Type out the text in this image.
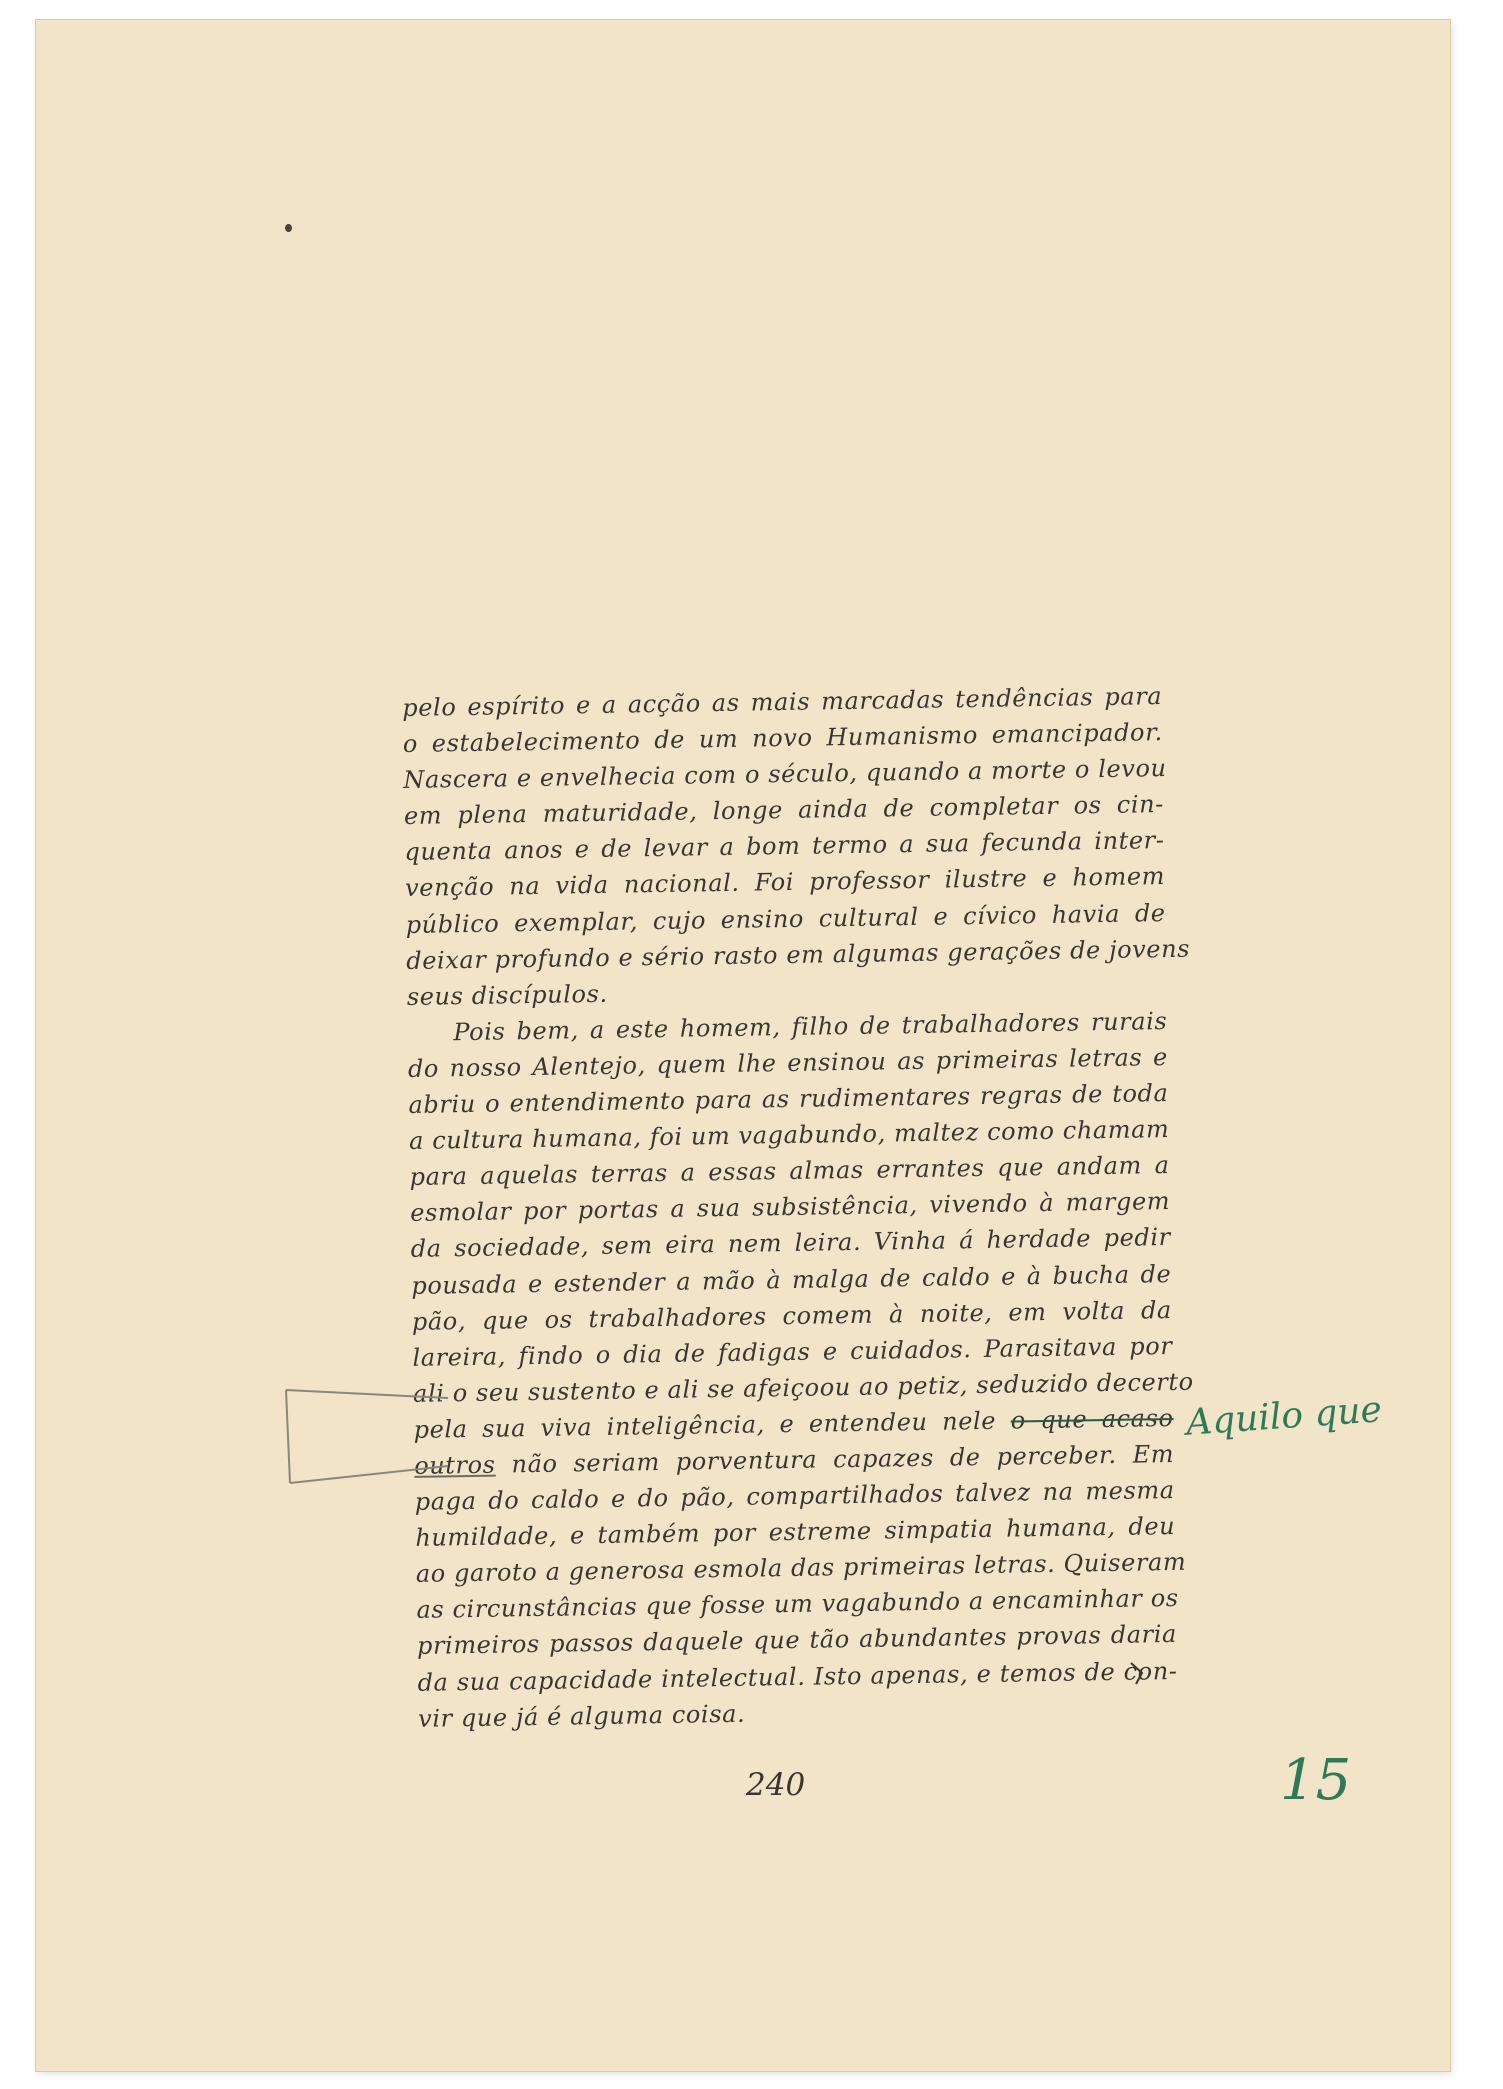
pelo espírito e a acção as mais marcadas tendências para
o estabelecimento de um novo Humanismo emancipador.
Nascera e envelhecia com o século, quando a morte o levou
em plena maturidade, longe ainda de completar os cin-
quenta anos e de levar a bom termo a sua fecunda inter-
venção na vida nacional. Foi professor ilustre e homem
público exemplar, cujo ensino cultural e cívico havia de
deixar profundo e sério rasto em algumas gerações de jovens
seus discípulos.
Pois bem, a este homem, filho de trabalhadores rurais
do nosso Alentejo, quem lhe ensinou as primeiras letras e
abriu o entendimento para as rudimentares regras de toda
a cultura humana, foi um vagabundo, maltez como chamam
para aquelas terras a essas almas errantes que andam a
esmolar por portas a sua subsistência, vivendo à margem
da sociedade, sem eira nem leira. Vinha á herdade pedir
pousada e estender a mão à malga de caldo e à bucha de
pão, que os trabalhadores comem à noite, em volta da
lareira, findo o dia de fadigas e cuidados. Parasitava por
ali o seu sustento e ali se afeiçoou ao petiz, seduzido decerto
pela sua viva inteligência, e entendeu nele o que acaso
outros não seriam porventura capazes de perceber. Em
paga do caldo e do pão, compartilhados talvez na mesma
humildade, e também por estreme simpatia humana, deu
ao garoto a generosa esmola das primeiras letras. Quiseram
as circunstâncias que fosse um vagabundo a encaminhar os
primeiros passos daquele que tão abundantes provas daria
da sua capacidade intelectual. Isto apenas, e temos de con-
vir que já é alguma coisa.
240
Aquilo que
15
